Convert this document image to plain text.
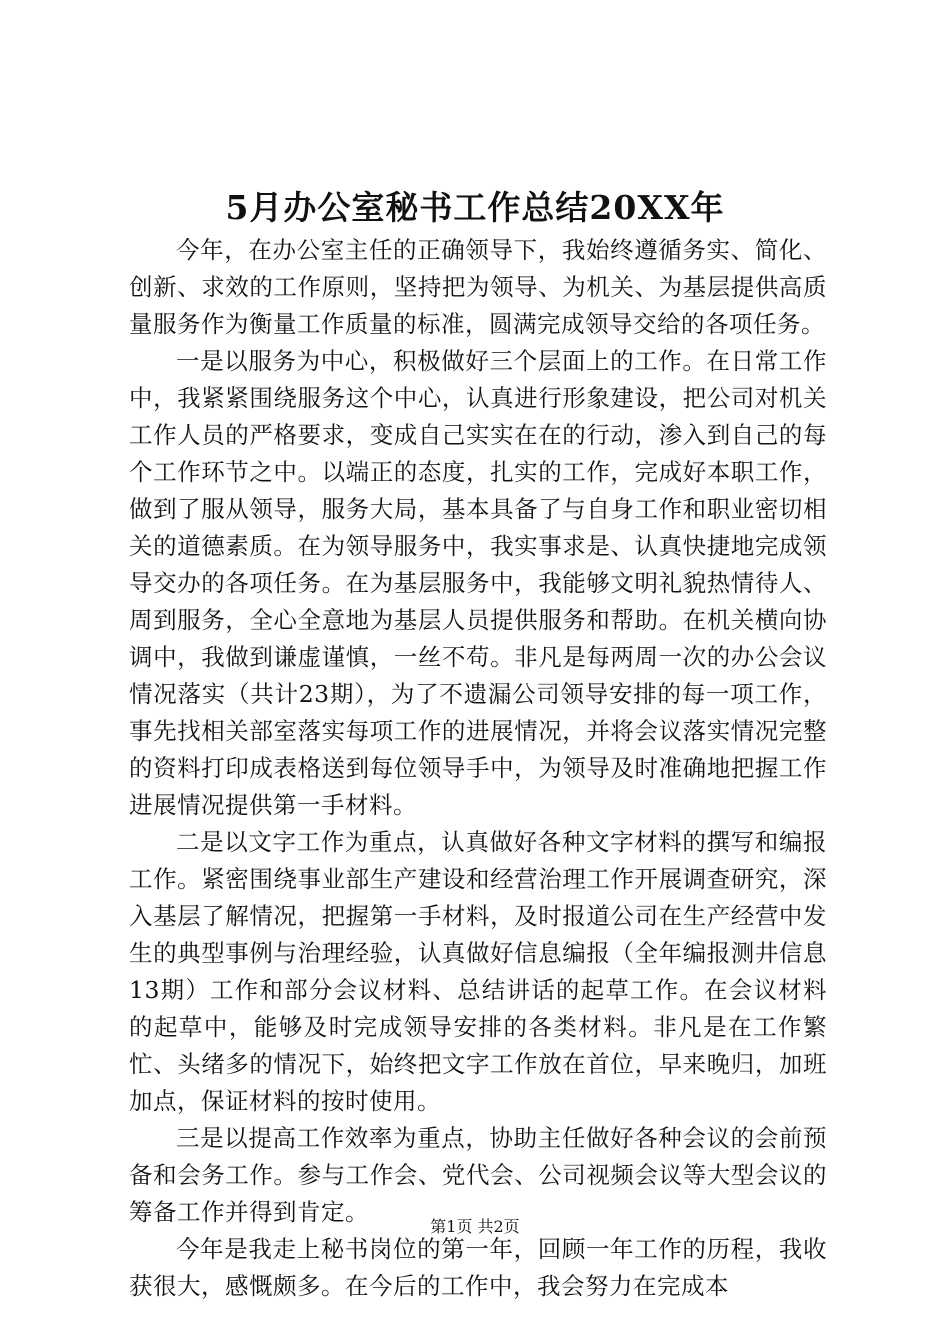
5月办公室秘书工作总结20XX年

今年，在办公室主任的正确领导下，我始终遵循务实、简化、创新、求效的工作原则，坚持把为领导、为机关、为基层提供高质量服务作为衡量工作质量的标准，圆满完成领导交给的各项任务。

一是以服务为中心，积极做好三个层面上的工作。在日常工作中，我紧紧围绕服务这个中心，认真进行形象建设，把公司对机关工作人员的严格要求，变成自己实实在在的行动，渗入到自己的每个工作环节之中。以端正的态度，扎实的工作，完成好本职工作，做到了服从领导，服务大局，基本具备了与自身工作和职业密切相关的道德素质。在为领导服务中，我实事求是、认真快捷地完成领导交办的各项任务。在为基层服务中，我能够文明礼貌热情待人、周到服务，全心全意地为基层人员提供服务和帮助。在机关横向协调中，我做到谦虚谨慎，一丝不苟。非凡是每两周一次的办公会议情况落实（共计23期），为了不遗漏公司领导安排的每一项工作，事先找相关部室落实每项工作的进展情况，并将会议落实情况完整的资料打印成表格送到每位领导手中，为领导及时准确地把握工作进展情况提供第一手材料。

二是以文字工作为重点，认真做好各种文字材料的撰写和编报工作。紧密围绕事业部生产建设和经营治理工作开展调查研究，深入基层了解情况，把握第一手材料，及时报道公司在生产经营中发生的典型事例与治理经验，认真做好信息编报（全年编报测井信息13期）工作和部分会议材料、总结讲话的起草工作。在会议材料的起草中，能够及时完成领导安排的各类材料。非凡是在工作繁忙、头绪多的情况下，始终把文字工作放在首位，早来晚归，加班加点，保证材料的按时使用。

三是以提高工作效率为重点，协助主任做好各种会议的会前预备和会务工作。参与工作会、党代会、公司视频会议等大型会议的筹备工作并得到肯定。

今年是我走上秘书岗位的第一年，回顾一年工作的历程，我收获很大，感慨颇多。在今后的工作中，我会努力在完成本

第1页 共2页
